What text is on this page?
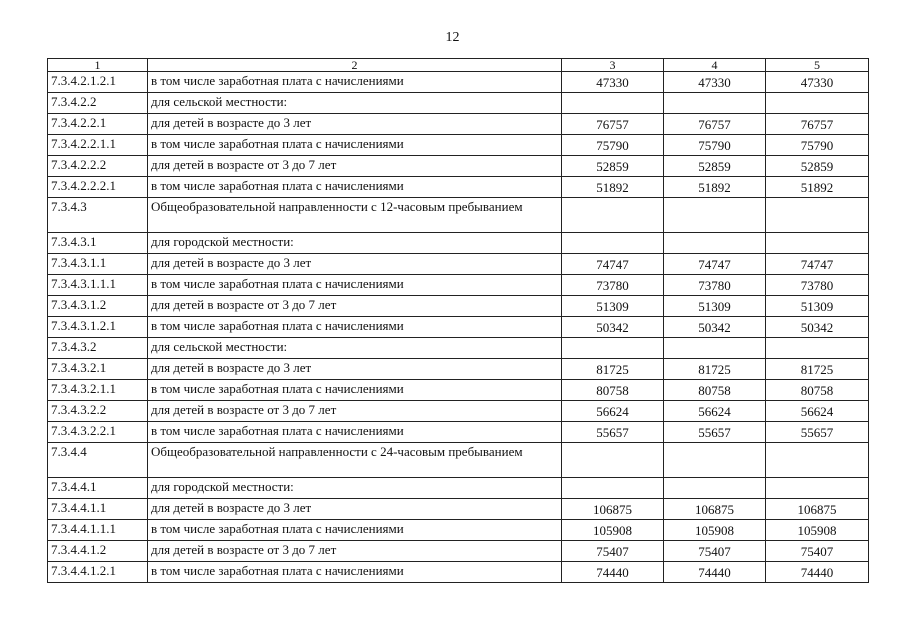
12
1	2	3	4	5
7.3.4.2.1.2.1	в том числе заработная плата с начислениями	47330	47330	47330
7.3.4.2.2	для сельской местности:			
7.3.4.2.2.1	для детей в возрасте до 3 лет	76757	76757	76757
7.3.4.2.2.1.1	в том числе заработная плата с начислениями	75790	75790	75790
7.3.4.2.2.2	для детей в возрасте от 3 до 7 лет	52859	52859	52859
7.3.4.2.2.2.1	в том числе заработная плата с начислениями	51892	51892	51892
7.3.4.3	Общеобразовательной направленности с 12-часовым пребыванием			
7.3.4.3.1	для городской местности:			
7.3.4.3.1.1	для детей в возрасте до 3 лет	74747	74747	74747
7.3.4.3.1.1.1	в том числе заработная плата с начислениями	73780	73780	73780
7.3.4.3.1.2	для детей в возрасте от 3 до 7 лет	51309	51309	51309
7.3.4.3.1.2.1	в том числе заработная плата с начислениями	50342	50342	50342
7.3.4.3.2	для сельской местности:			
7.3.4.3.2.1	для детей в возрасте до 3 лет	81725	81725	81725
7.3.4.3.2.1.1	в том числе заработная плата с начислениями	80758	80758	80758
7.3.4.3.2.2	для детей в возрасте от 3 до 7 лет	56624	56624	56624
7.3.4.3.2.2.1	в том числе заработная плата с начислениями	55657	55657	55657
7.3.4.4	Общеобразовательной направленности с 24-часовым пребыванием			
7.3.4.4.1	для городской местности:			
7.3.4.4.1.1	для детей в возрасте до 3 лет	106875	106875	106875
7.3.4.4.1.1.1	в том числе заработная плата с начислениями	105908	105908	105908
7.3.4.4.1.2	для детей в возрасте от 3 до 7 лет	75407	75407	75407
7.3.4.4.1.2.1	в том числе заработная плата с начислениями	74440	74440	74440
